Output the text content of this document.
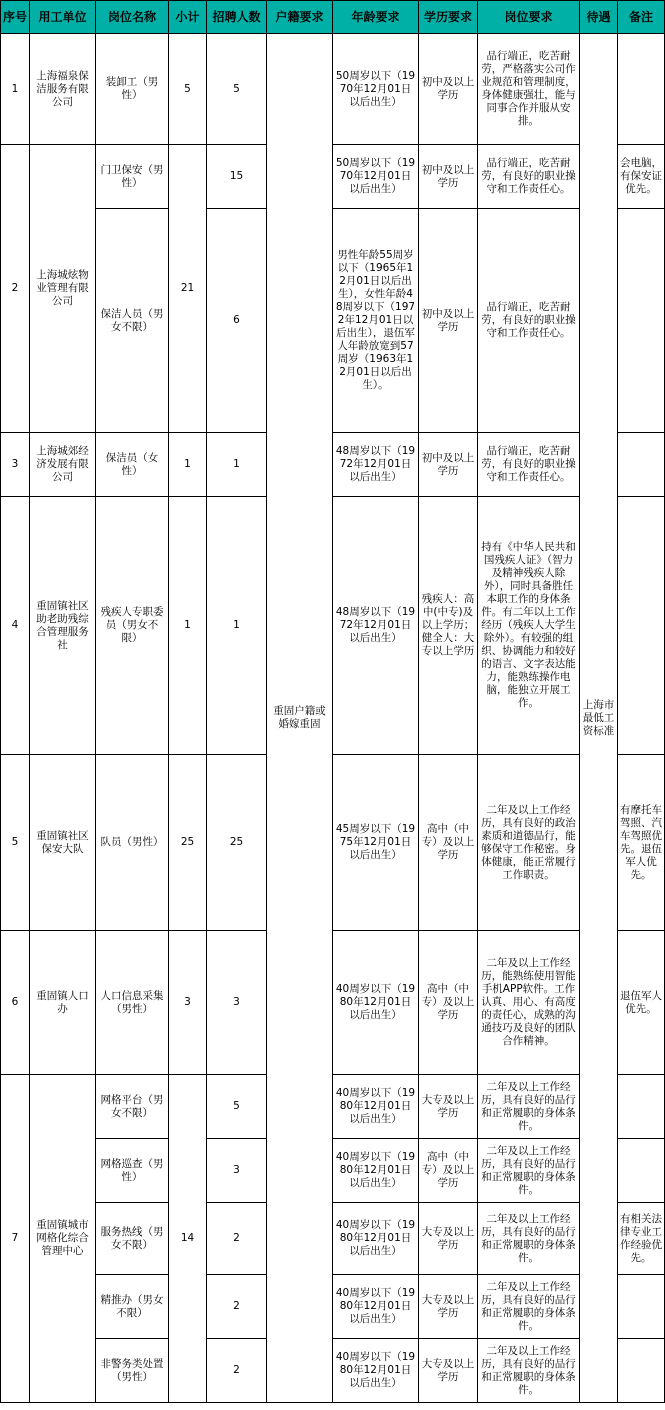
序号	用工单位	岗位名称	小计	招聘人数	户籍要求	年龄要求	学历要求	岗位要求	待遇	备注
1	上海福泉保洁服务有限公司	装卸工（男性）	5	5	重固户籍或婚嫁重固	50周岁以下（1970年12月01日以后出生）	初中及以上学历	品行端正，吃苦耐劳，严格落实公司作业规范和管理制度，身体健康强壮，能与同事合作并服从安排。	上海市最低工资标准	
2	上海城炫物业管理有限公司	门卫保安（男性）	21	15		50周岁以下（1970年12月01日以后出生）	初中及以上学历	品行端正，吃苦耐劳，有良好的职业操守和工作责任心。		会电脑，有保安证优先。
		保洁人员（男女不限）		6		男性年龄55周岁以下（1965年12月01日以后出生），女性年龄48周岁以下（1972年12月01日以后出生），退伍军人年龄放宽到57周岁（1963年12月01日以后出生）。	初中及以上学历	品行端正，吃苦耐劳，有良好的职业操守和工作责任心。		
3	上海城郊经济发展有限公司	保洁员（女性）	1	1		48周岁以下（1972年12月01日以后出生）	初中及以上学历	品行端正，吃苦耐劳，有良好的职业操守和工作责任心。		
4	重固镇社区助老助残综合管理服务社	残疾人专职委员（男女不限）	1	1		48周岁以下（1972年12月01日以后出生）	残疾人：高中(中专)及以上学历；健全人：大专以上学历	持有《中华人民共和国残疾人证》（智力及精神残疾人除外），同时具备胜任本职工作的身体条件。有二年以上工作经历（残疾人大学生除外）。有较强的组织、协调能力和较好的语言、文字表达能力，能熟练操作电脑，能独立开展工作。		
5	重固镇社区保安大队	队员（男性）	25	25		45周岁以下（1975年12月01日以后出生）	高中（中专）及以上学历	二年及以上工作经历，具有良好的政治素质和道德品行，能够保守工作秘密。身体健康，能正常履行工作职责。		有摩托车驾照、汽车驾照优先。退伍军人优先。
6	重固镇人口办	人口信息采集（男性）	3	3		40周岁以下（1980年12月01日以后出生）	高中（中专）及以上学历	二年及以上工作经历，能熟练使用智能手机APP软件。工作认真、用心、有高度的责任心，成熟的沟通技巧及良好的团队合作精神。		退伍军人优先。
7	重固镇城市网格化综合管理中心	网格平台（男女不限）	14	5		40周岁以下（1980年12月01日以后出生）	大专及以上学历	二年及以上工作经历，具有良好的品行和正常履职的身体条件。		
		网格巡查（男性）		3		40周岁以下（1980年12月01日以后出生）	高中（中专）及以上学历	二年及以上工作经历，具有良好的品行和正常履职的身体条件。		
		服务热线（男女不限）		2		40周岁以下（1980年12月01日以后出生）	大专及以上学历	二年及以上工作经历，具有良好的品行和正常履职的身体条件。		有相关法律专业工作经验优先。
		精推办（男女不限）		2		40周岁以下（1980年12月01日以后出生）	大专及以上学历	二年及以上工作经历，具有良好的品行和正常履职的身体条件。		
		非警务类处置（男性）		2		40周岁以下（1980年12月01日以后出生）	大专及以上学历	二年及以上工作经历，具有良好的品行和正常履职的身体条件。		
